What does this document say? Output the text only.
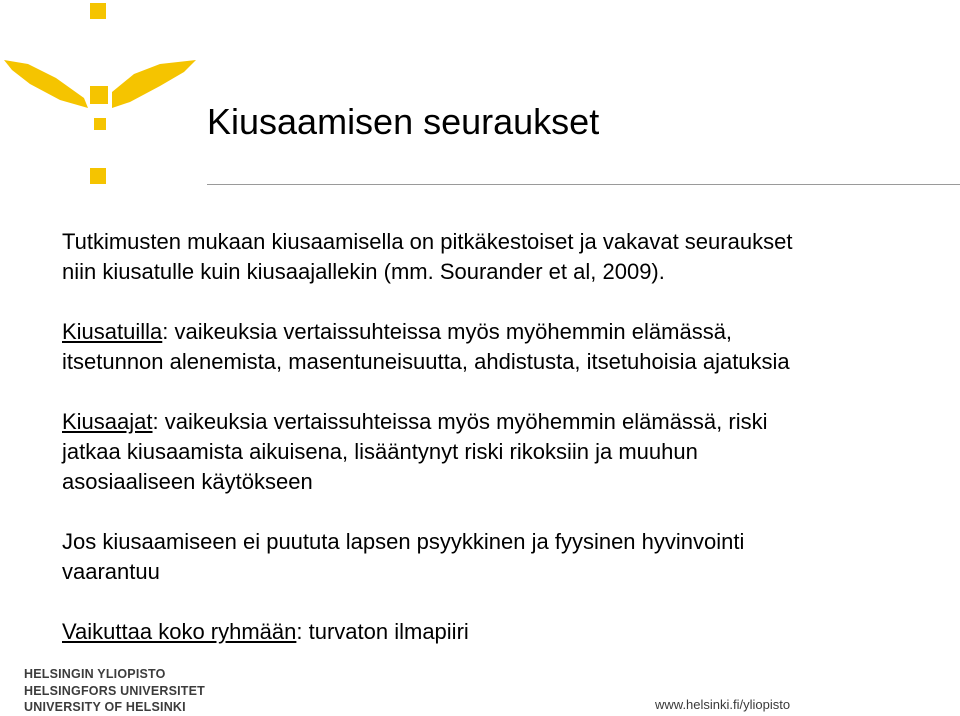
Kiusaamisen seuraukset

Tutkimusten mukaan kiusaamisella on pitkäkestoiset ja vakavat seuraukset
niin kiusatulle kuin kiusaajallekin (mm. Sourander et al, 2009).

Kiusatuilla: vaikeuksia vertaissuhteissa myös myöhemmin elämässä,
itsetunnon alenemista, masentuneisuutta, ahdistusta, itsetuhoisia ajatuksia

Kiusaajat: vaikeuksia vertaissuhteissa myös myöhemmin elämässä, riski
jatkaa kiusaamista aikuisena, lisääntynyt riski rikoksiin ja muuhun
asosiaaliseen käytökseen

Jos kiusaamiseen ei puututa lapsen psyykkinen ja fyysinen hyvinvointi
vaarantuu

Vaikuttaa koko ryhmään: turvaton ilmapiiri

HELSINGIN YLIOPISTO
HELSINGFORS UNIVERSITET
UNIVERSITY OF HELSINKI	www.helsinki.fi/yliopisto
